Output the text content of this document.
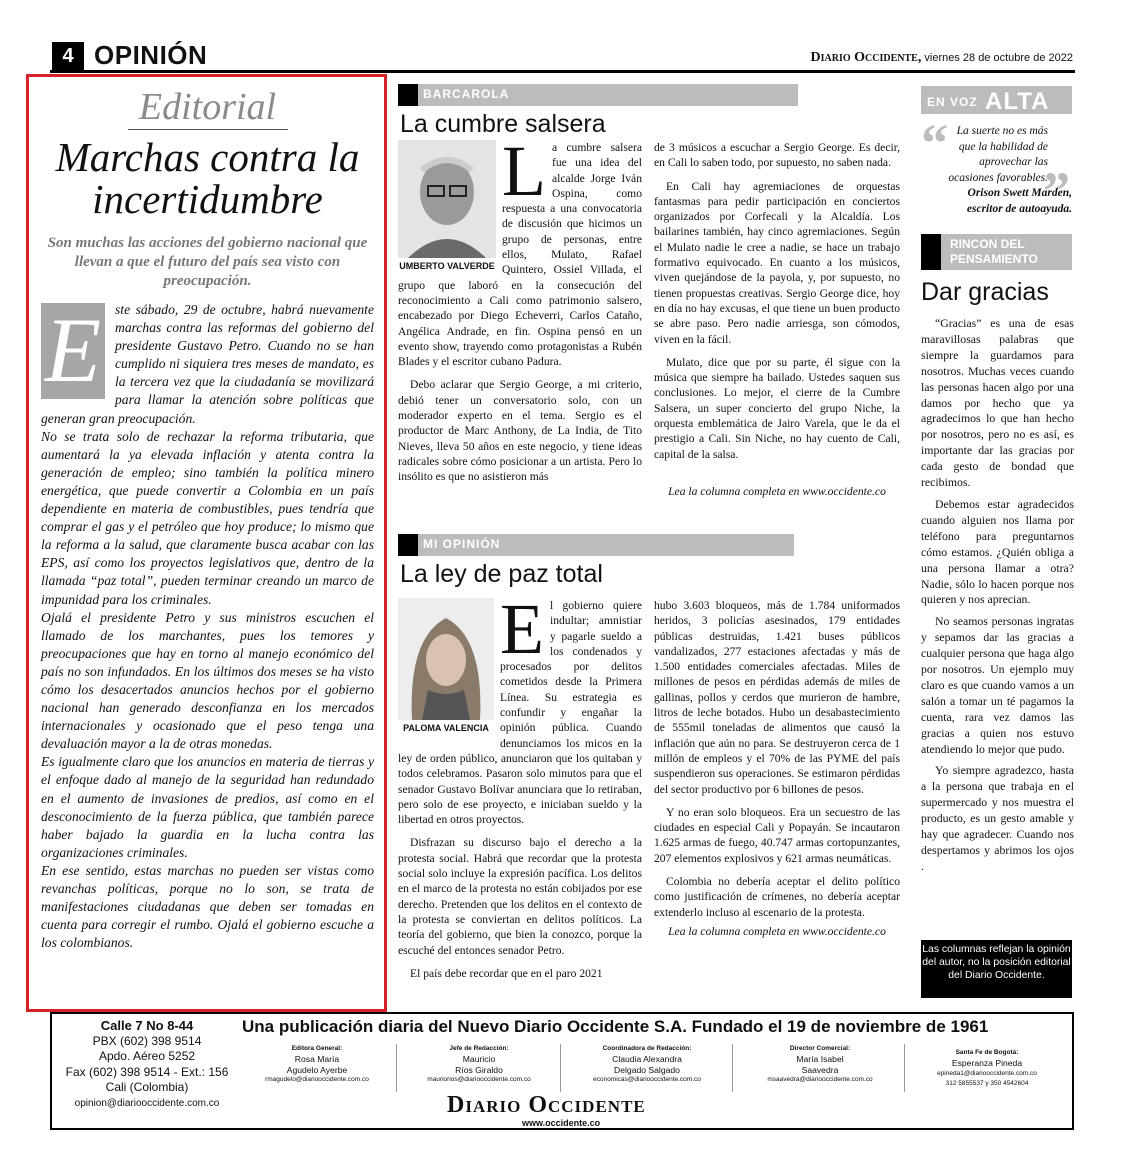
4 OPINIÓN	Diario Occidente, viernes 28 de octubre de 2022
Editorial
Marchas contra la incertidumbre
Son muchas las acciones del gobierno nacional que llevan a que el futuro del país sea visto con preocupación.
E	ste sábado, 29 de octubre, habrá nuevamente marchas contra las reformas del gobierno del presidente Gustavo Petro. Cuando no se han cumplido ni siquiera tres meses de mandato, es la tercera vez que la ciudadanía se movilizará para llamar la atención sobre políticas que generan gran preocupación.

No se trata solo de rechazar la reforma tributaria, que aumentará la ya elevada inflación y atenta contra la generación de empleo; sino también la política minero energética, que puede convertir a Colombia en un país dependiente en materia de combustibles, pues tendría que comprar el gas y el petróleo que hoy produce; lo mismo que la reforma a la salud, que claramente busca acabar con las EPS, así como los proyectos legislativos que, dentro de la llamada “paz total”, pueden terminar creando un marco de impunidad para los criminales.

Ojalá el presidente Petro y sus ministros escuchen el llamado de los marchantes, pues los temores y preocupaciones que hay en torno al manejo económico del país no son infundados. En los últimos dos meses se ha visto cómo los desacertados anuncios hechos por el gobierno nacional han generado desconfianza en los mercados internacionales y ocasionado que el peso tenga una devaluación mayor a la de otras monedas.

Es igualmente claro que los anuncios en materia de tierras y el enfoque dado al manejo de la seguridad han redundado en el aumento de invasiones de predios, así como en el desconocimiento de la fuerza pública, que también parece haber bajado la guardia en la lucha contra las organizaciones criminales.

En ese sentido, estas marchas no pueden ser vistas como revanchas políticas, porque no lo son, se trata de manifestaciones ciudadanas que deben ser tomadas en cuenta para corregir el rumbo. Ojalá el gobierno escuche a los colombianos.

BARCAROLA
La cumbre salsera
UMBERTO VALVERDE
L a cumbre salsera fue una idea del alcalde Jorge Iván Ospina, como respuesta a una convocatoria de discusión que hicimos un grupo de personas, entre ellos, Mulato, Rafael Quintero, Ossiel Villada, el grupo que laboró en la consecución del reconocimiento a Cali como patrimonio salsero, encabezado por Diego Echeverri, Carlos Cataño, Angélica Andrade, en fin. Ospina pensó en un evento show, trayendo como protagonistas a Rubén Blades y el escritor cubano Padura.

Debo aclarar que Sergio George, a mi criterio, debió tener un conversatorio solo, con un moderador experto en el tema. Sergio es el productor de Marc Anthony, de La India, de Tito Nieves, lleva 50 años en este negocio, y tiene ideas radicales sobre cómo posicionar a un artista. Pero lo insólito es que no asistieron más

de 3 músicos a escuchar a Sergio George. Es decir, en Cali lo saben todo, por supuesto, no saben nada.

En Cali hay agremiaciones de orquestas fantasmas para pedir participación en conciertos organizados por Corfecali y la Alcaldía. Los bailarines también, hay cinco agremiaciones. Según el Mulato nadie le cree a nadie, se hace un trabajo formativo equivocado. En cuanto a los músicos, viven quejándose de la payola, y, por supuesto, no tienen propuestas creativas. Sergio George dice, hoy en día no hay excusas, el que tiene un buen producto se abre paso. Pero nadie arriesga, son cómodos, viven en la fácil.

Mulato, dice que por su parte, él sigue con la música que siempre ha bailado. Ustedes saquen sus conclusiones. Lo mejor, el cierre de la Cumbre Salsera, un super concierto del grupo Niche, la orquesta emblemática de Jairo Varela, que le da el prestigio a Cali. Sin Niche, no hay cuento de Cali, capital de la salsa.

Lea la columna completa en www.occidente.co

MI OPINIÓN
La ley de paz total
PALOMA VALENCIA
E l gobierno quiere indultar; amnistiar y pagarle sueldo a los condenados y procesados por delitos cometidos desde la Primera Línea. Su estrategia es confundir y engañar la opinión pública. Cuando denunciamos los micos en la ley de orden público, anunciaron que los quitaban y todos celebramos. Pasaron solo minutos para que el senador Gustavo Bolívar anunciara que lo retiraban, pero solo de ese proyecto, e iniciaban sueldo y la libertad en otros proyectos.

Disfrazan su discurso bajo el derecho a la protesta social. Habrá que recordar que la protesta social solo incluye la expresión pacífica. Los delitos en el marco de la protesta no están cobijados por ese derecho. Pretenden que los delitos en el contexto de la protesta se conviertan en delitos políticos. La teoría del gobierno, que bien la conozco, porque la escuché del entonces senador Petro.

El país debe recordar que en el paro 2021

hubo 3.603 bloqueos, más de 1.784 uniformados heridos, 3 policías asesinados, 179 entidades públicas destruidas, 1.421 buses públicos vandalizados, 277 estaciones afectadas y más de 1.500 entidades comerciales afectadas. Miles de millones de pesos en pérdidas además de miles de gallinas, pollos y cerdos que murieron de hambre, litros de leche botados. Hubo un desabastecimiento de 555mil toneladas de alimentos que causó la inflación que aún no para. Se destruyeron cerca de 1 millón de empleos y el 70% de las PYME del país suspendieron sus operaciones. Se estimaron pérdidas del sector productivo por 6 billones de pesos.

Y no eran solo bloqueos. Era un secuestro de las ciudades en especial Cali y Popayán. Se incautaron 1.625 armas de fuego, 40.747 armas cortopunzantes, 207 elementos explosivos y 621 armas neumáticas.

Colombia no debería aceptar el delito político como justificación de crímenes, no debería aceptar extenderlo incluso al escenario de la protesta.

Lea la columna completa en www.occidente.co

EN VOZ ALTA
“
”
La suerte no es más que la habilidad de aprovechar las ocasiones favorables.
Orison Swett Marden, escritor de autoayuda.
RINCON DEL PENSAMIENTO
Dar gracias

“Gracias” es una de esas maravillosas palabras que siempre la guardamos para nosotros. Muchas veces cuando las personas hacen algo por una damos por hecho que ya agradecimos lo que han hecho por nosotros, pero no es así, es importante dar las gracias por cada gesto de bondad que recibimos.

Debemos estar agradecidos cuando alguien nos llama por teléfono para preguntarnos cómo estamos. ¿Quién obliga a una persona llamar a otra? Nadie, sólo lo hacen porque nos quieren y nos aprecian.

No seamos personas ingratas y sepamos dar las gracias a cualquier persona que haga algo por nosotros. Un ejemplo muy claro es que cuando vamos a un salón a tomar un té pagamos la cuenta, rara vez damos las gracias a quien nos estuvo atendiendo lo mejor que pudo.

Yo siempre agradezco, hasta a la persona que trabaja en el supermercado y nos muestra el producto, es un gesto amable y hay que agradecer. Cuando nos despertamos y abrimos los ojos .

Las columnas reflejan la opinión del autor, no la posición editorial del Diario Occidente.
Calle 7 No 8-44
PBX (602) 398 9514
Apdo. Aéreo 5252
Fax (602) 398 9514 - Ext.: 156
Cali (Colombia)
opinion@diariooccidente.com.co
Una publicación diaria del Nuevo Diario Occidente S.A. Fundado el 19 de noviembre de 1961
Editora General:
Rosa María
Agudelo Ayerbe
rmagudelo@diariooccidente.com.co
Jefe de Redacción:
Mauricio
Ríos Giraldo
mauriorios@diariooccidente.com.co
Coordinadora de Redacción:
Claudia Alexandra
Delgado Salgado
economicas@diariooccidente.com.co
Director Comercial:
María Isabel
Saavedra
msaavedra@diariooccidente.com.co
Santa Fe de Bogotá:
Esperanza Pineda
epineda1@diariooccidente.com.co
312 5855537 y 350 4542604
Diario Occidente
www.occidente.co
